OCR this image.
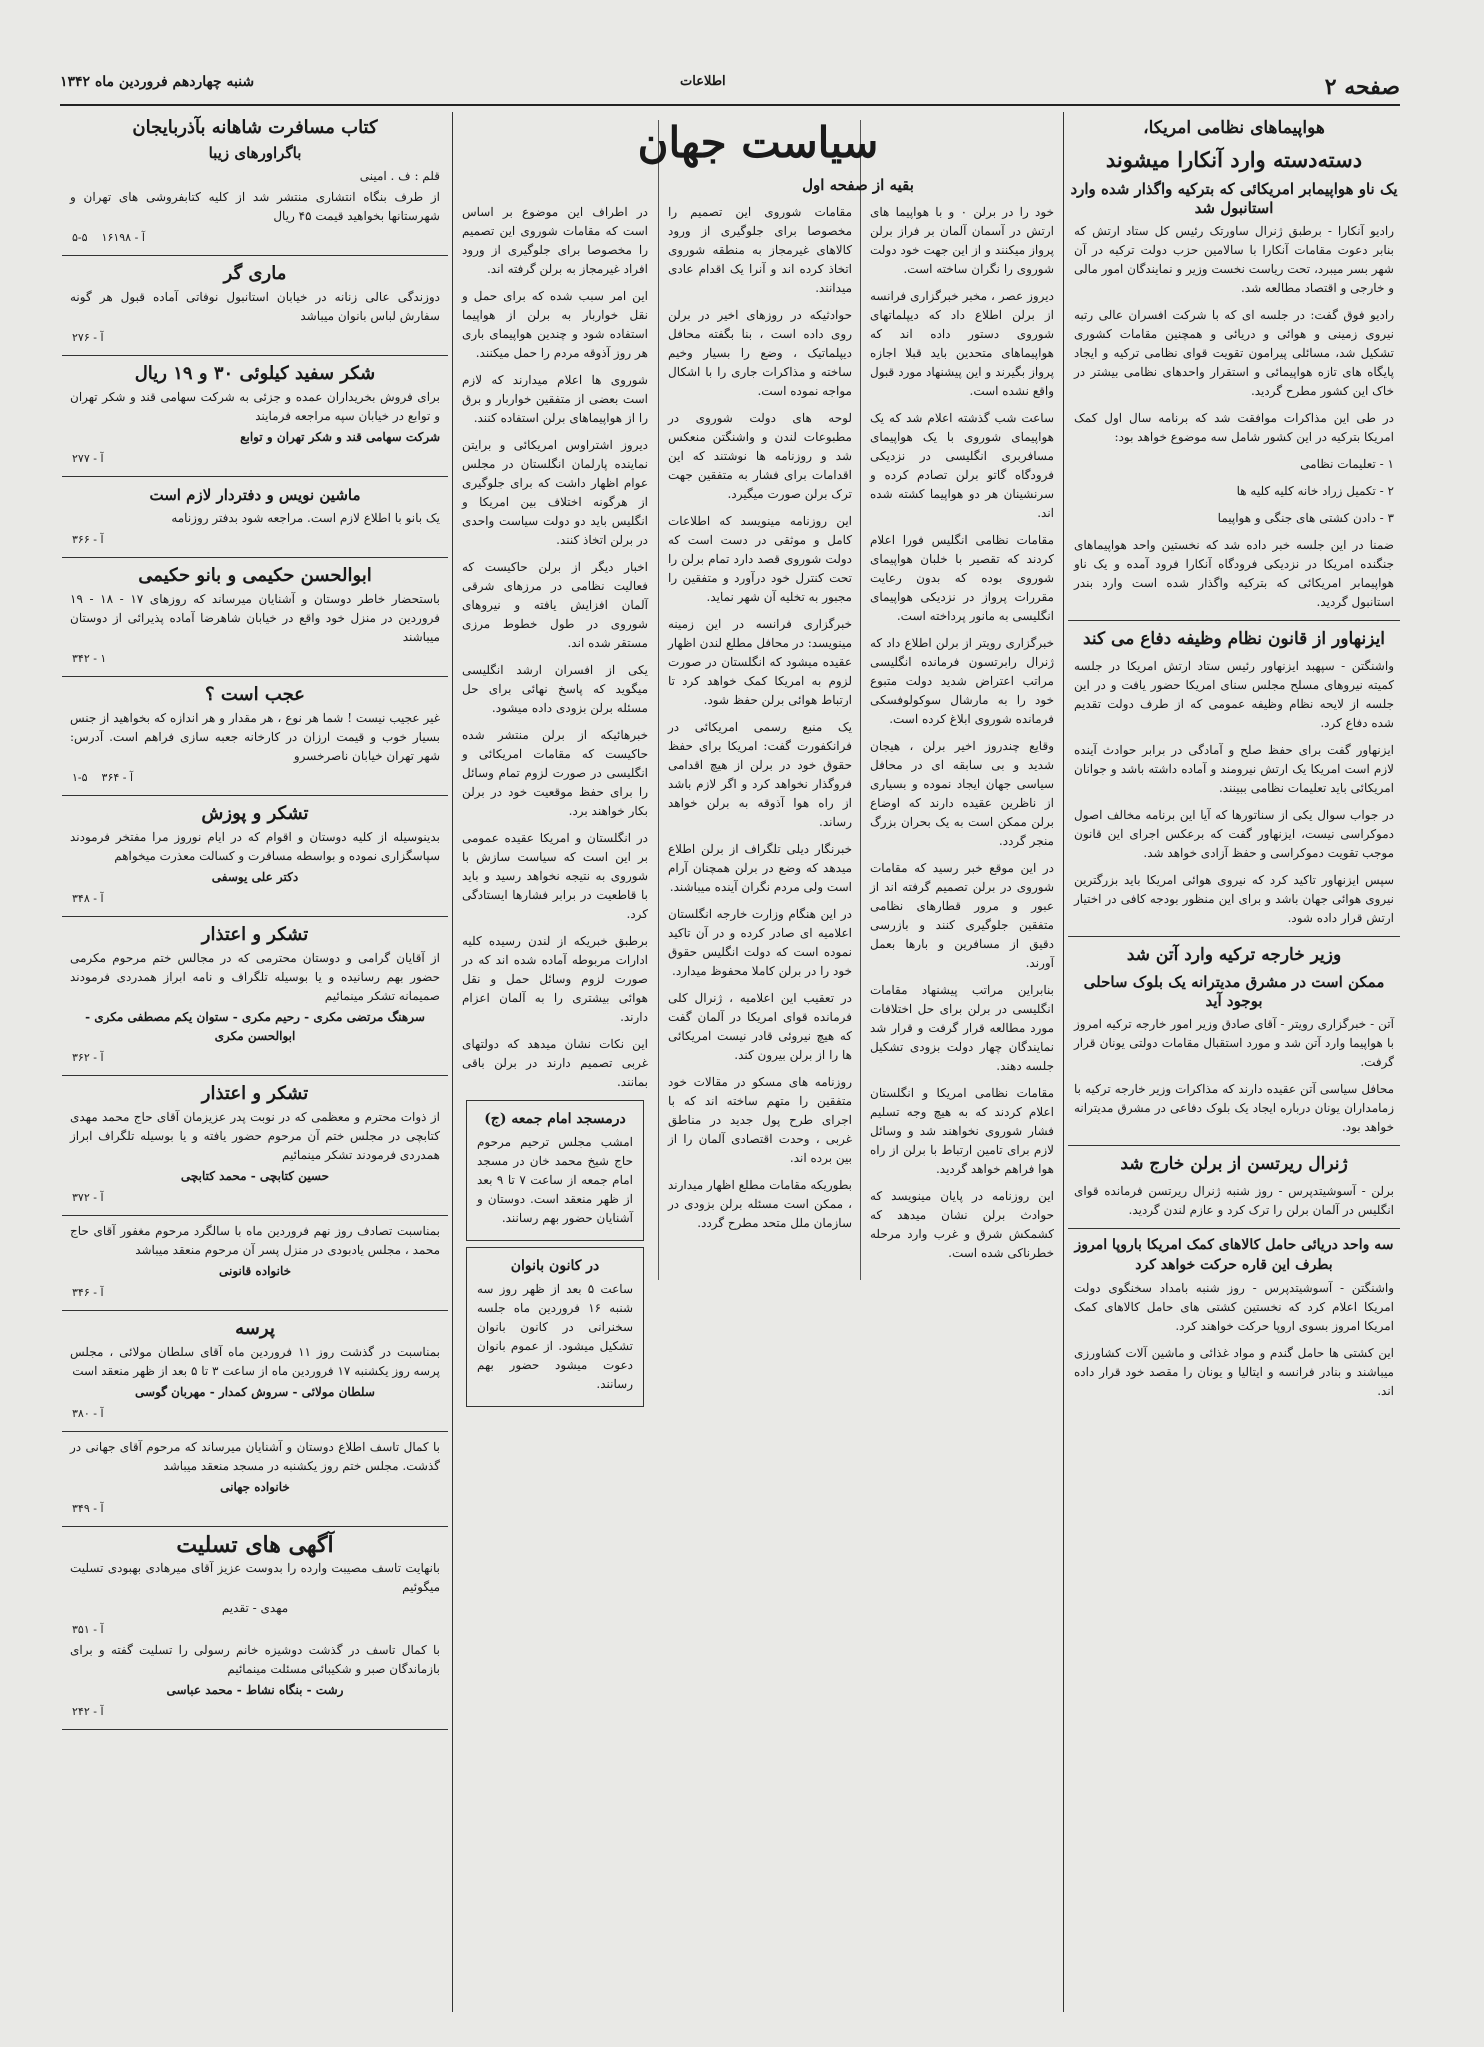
صفحه ۲
اطلاعات
شنبه چهاردهم فروردین ماه ۱۳۴۲
هواپیماهای نظامی امریکا،
دسته‌دسته وارد آنکارا میشوند
یک ناو هواپیمابر امریکائی که بترکیه واگذار شده وارد استانبول شد

رادیو آنکارا - برطبق ژنرال ساورتک رئیس کل ستاد ارتش که بنابر دعوت مقامات آنکارا با سالامین حزب دولت ترکیه در آن شهر بسر میبرد، تحت ریاست نخست وزیر و نمایندگان امور مالی و خارجی و اقتصاد مطالعه شد.

رادیو فوق گفت: در جلسه ای که با شرکت افسران عالی رتبه نیروی زمینی و هوائی و دریائی و همچنین مقامات کشوری تشکیل شد، مسائلی پیرامون تقویت قوای نظامی ترکیه و ایجاد پایگاه های تازه هواپیمائی و استقرار واحدهای نظامی بیشتر در خاک این کشور مطرح گردید.

در طی این مذاکرات موافقت شد که برنامه سال اول کمک امریکا بترکیه در این کشور شامل سه موضوع خواهد بود:

۱ - تعلیمات نظامی

۲ - تکمیل زراد خانه کلیه کلیه ها

۳ - دادن کشتی های جنگی و هواپیما

ضمنا در این جلسه خبر داده شد که نخستین واحد هواپیماهای جنگنده امریکا در نزدیکی فرودگاه آنکارا فرود آمده و یک ناو هواپیمابر امریکائی که بترکیه واگذار شده است وارد بندر استانبول گردید.

ایزنهاور از قانون نظام وظیفه دفاع می کند

واشنگتن - سپهبد ایزنهاور رئیس ستاد ارتش امریکا در جلسه کمیته نیروهای مسلح مجلس سنای امریکا حضور یافت و در این جلسه از لایحه نظام وظیفه عمومی که از طرف دولت تقدیم شده دفاع کرد.

ایزنهاور گفت برای حفظ صلح و آمادگی در برابر حوادث آینده لازم است امریکا یک ارتش نیرومند و آماده داشته باشد و جوانان امریکائی باید تعلیمات نظامی ببینند.

در جواب سوال یکی از سناتورها که آیا این برنامه مخالف اصول دموکراسی نیست، ایزنهاور گفت که برعکس اجرای این قانون موجب تقویت دموکراسی و حفظ آزادی خواهد شد.

سپس ایزنهاور تاکید کرد که نیروی هوائی امریکا باید بزرگترین نیروی هوائی جهان باشد و برای این منظور بودجه کافی در اختیار ارتش قرار داده شود.

وزیر خارجه ترکیه وارد آتن شد
ممکن است در مشرق مدیترانه یک بلوک ساحلی بوجود آید

آتن - خبرگزاری رویتر - آقای صادق وزیر امور خارجه ترکیه امروز با هواپیما وارد آتن شد و مورد استقبال مقامات دولتی یونان قرار گرفت.

محافل سیاسی آتن عقیده دارند که مذاکرات وزیر خارجه ترکیه با زمامداران یونان درباره ایجاد یک بلوک دفاعی در مشرق مدیترانه خواهد بود.

ژنرال ریرتسن از برلن خارج شد

برلن - آسوشیتدپرس - روز شنبه ژنرال ریرتسن فرمانده قوای انگلیس در آلمان برلن را ترک کرد و عازم لندن گردید.

سه واحد دریائی حامل کالاهای کمک امریکا باروپا امروز بطرف این قاره حرکت خواهد کرد

واشنگتن - آسوشیتدپرس - روز شنبه بامداد سخنگوی دولت امریکا اعلام کرد که نخستین کشتی های حامل کالاهای کمک امریکا امروز بسوی اروپا حرکت خواهند کرد.

این کشتی ها حامل گندم و مواد غذائی و ماشین آلات کشاورزی میباشند و بنادر فرانسه و ایتالیا و یونان را مقصد خود قرار داده اند.

سیاست جهان
بقیه از صفحه اول

خود را در برلن ۰ و با هواپیما های ارتش در آسمان آلمان بر فراز برلن پرواز میکنند و از این جهت خود دولت شوروی را نگران ساخته است.

دیروز عصر ، مخبر خبرگزاری فرانسه از برلن اطلاع داد که دیپلماتهای شوروی دستور داده اند که هواپیماهای متحدین باید قبلا اجازه پرواز بگیرند و این پیشنهاد مورد قبول واقع نشده است.

ساعت شب گذشته اعلام شد که یک هواپیمای شوروی با یک هواپیمای مسافربری انگلیسی در نزدیکی فرودگاه گاتو برلن تصادم کرده و سرنشینان هر دو هواپیما کشته شده اند.

مقامات نظامی انگلیس فورا اعلام کردند که تقصیر با خلبان هواپیمای شوروی بوده که بدون رعایت مقررات پرواز در نزدیکی هواپیمای انگلیسی به مانور پرداخته است.

خبرگزاری رویتر از برلن اطلاع داد که ژنرال رابرتسون فرمانده انگلیسی مراتب اعتراض شدید دولت متبوع خود را به مارشال سوکولوفسکی فرمانده شوروی ابلاغ کرده است.

وقایع چندروز اخیر برلن ، هیجان شدید و بی سابقه ای در محافل سیاسی جهان ایجاد نموده و بسیاری از ناظرین عقیده دارند که اوضاع برلن ممکن است به یک بحران بزرگ منجر گردد.

در این موقع خبر رسید که مقامات شوروی در برلن تصمیم گرفته اند از عبور و مرور قطارهای نظامی متفقین جلوگیری کنند و بازرسی دقیق از مسافرین و بارها بعمل آورند.

بنابراین مراتب پیشنهاد مقامات انگلیسی در برلن برای حل اختلافات مورد مطالعه قرار گرفت و قرار شد نمایندگان چهار دولت بزودی تشکیل جلسه دهند.

مقامات نظامی امریکا و انگلستان اعلام کردند که به هیچ وجه تسلیم فشار شوروی نخواهند شد و وسائل لازم برای تامین ارتباط با برلن از راه هوا فراهم خواهد گردید.

این روزنامه در پایان مینویسد که حوادث برلن نشان میدهد که کشمکش شرق و غرب وارد مرحله خطرناکی شده است.

مقامات شوروی این تصمیم را مخصوصا برای جلوگیری از ورود کالاهای غیرمجاز به منطقه شوروی اتخاذ کرده اند و آنرا یک اقدام عادی میدانند.

حوادثیکه در روزهای اخیر در برلن روی داده است ، بنا بگفته محافل دیپلماتیک ، وضع را بسیار وخیم ساخته و مذاکرات جاری را با اشکال مواجه نموده است.

لوحه های دولت شوروی در مطبوعات لندن و واشنگتن منعکس شد و روزنامه ها نوشتند که این اقدامات برای فشار به متفقین جهت ترک برلن صورت میگیرد.

این روزنامه مینویسد که اطلاعات کامل و موثقی در دست است که دولت شوروی قصد دارد تمام برلن را تحت کنترل خود درآورد و متفقین را مجبور به تخلیه آن شهر نماید.

خبرگزاری فرانسه در این زمینه مینویسد: در محافل مطلع لندن اظهار عقیده میشود که انگلستان در صورت لزوم به امریکا کمک خواهد کرد تا ارتباط هوائی برلن حفظ شود.

یک منبع رسمی امریکائی در فرانکفورت گفت: امریکا برای حفظ حقوق خود در برلن از هیچ اقدامی فروگذار نخواهد کرد و اگر لازم باشد از راه هوا آذوقه به برلن خواهد رساند.

خبرنگار دیلی تلگراف از برلن اطلاع میدهد که وضع در برلن همچنان آرام است ولی مردم نگران آینده میباشند.

در این هنگام وزارت خارجه انگلستان اعلامیه ای صادر کرده و در آن تاکید نموده است که دولت انگلیس حقوق خود را در برلن کاملا محفوظ میدارد.

در تعقیب این اعلامیه ، ژنرال کلی فرمانده قوای امریکا در آلمان گفت که هیچ نیروئی قادر نیست امریکائی ها را از برلن بیرون کند.

روزنامه های مسکو در مقالات خود متفقین را متهم ساخته اند که با اجرای طرح پول جدید در مناطق غربی ، وحدت اقتصادی آلمان را از بین برده اند.

بطوریکه مقامات مطلع اظهار میدارند ، ممکن است مسئله برلن بزودی در سازمان ملل متحد مطرح گردد.

در اطراف این موضوع بر اساس است که مقامات شوروی این تصمیم را مخصوصا برای جلوگیری از ورود افراد غیرمجاز به برلن گرفته اند.

این امر سبب شده که برای حمل و نقل خواربار به برلن از هواپیما استفاده شود و چندین هواپیمای باری هر روز آذوقه مردم را حمل میکنند.

شوروی ها اعلام میدارند که لازم است بعضی از متفقین خواربار و برق را از هواپیماهای برلن استفاده کنند.

دیروز اشتراوس امریکائی و برایتن نماینده پارلمان انگلستان در مجلس عوام اظهار داشت که برای جلوگیری از هرگونه اختلاف بین امریکا و انگلیس باید دو دولت سیاست واحدی در برلن اتخاذ کنند.

اخبار دیگر از برلن حاکیست که فعالیت نظامی در مرزهای شرقی آلمان افزایش یافته و نیروهای شوروی در طول خطوط مرزی مستقر شده اند.

یکی از افسران ارشد انگلیسی میگوید که پاسخ نهائی برای حل مسئله برلن بزودی داده میشود.

خبرهائیکه از برلن منتشر شده حاکیست که مقامات امریکائی و انگلیسی در صورت لزوم تمام وسائل را برای حفظ موقعیت خود در برلن بکار خواهند برد.

در انگلستان و امریکا عقیده عمومی بر این است که سیاست سازش با شوروی به نتیجه نخواهد رسید و باید با قاطعیت در برابر فشارها ایستادگی کرد.

برطبق خبریکه از لندن رسیده کلیه ادارات مربوطه آماده شده اند که در صورت لزوم وسائل حمل و نقل هوائی بیشتری را به آلمان اعزام دارند.

این نکات نشان میدهد که دولتهای غربی تصمیم دارند در برلن باقی بمانند.

درمسجد امام جمعه (ج)

امشب مجلس ترحیم مرحوم حاج شیخ محمد خان در مسجد امام جمعه از ساعت ۷ تا ۹ بعد از ظهر منعقد است. دوستان و آشنایان حضور بهم رسانند.

در کانون بانوان

ساعت ۵ بعد از ظهر روز سه شنبه ۱۶ فروردین ماه جلسه سخنرانی در کانون بانوان تشکیل میشود. از عموم بانوان دعوت میشود حضور بهم رسانند.

کتاب مسافرت شاهانه بآذربایجان
باگراورهای زیبا

قلم : ف . امینی

از طرف بنگاه انتشاری منتشر شد از کلیه کتابفروشی های تهران و شهرستانها بخواهید قیمت ۴۵ ریال

۵-۵ ۱۶۱۹۸ - آ
ماری گر

دوزندگی عالی زنانه در خیابان استانبول نوفاتی آماده قبول هر گونه سفارش لباس بانوان میباشد

۲۷۶ - آ
شکر سفید کیلوئی ۳۰ و ۱۹ ریال

برای فروش بخریداران عمده و جزئی به شرکت سهامی قند و شکر تهران و توابع در خیابان سپه مراجعه فرمایند

شرکت سهامی قند و شکر تهران و توابع

۲۷۷ - آ
ماشین نویس و دفتردار لازم است

یک بانو با اطلاع لازم است. مراجعه شود بدفتر روزنامه

۳۶۶ - آ
ابوالحسن حکیمی و بانو حکیمی

باستحضار خاطر دوستان و آشنایان میرساند که روزهای ۱۷ - ۱۸ - ۱۹ فروردین در منزل خود واقع در خیابان شاهرضا آماده پذیرائی از دوستان میباشند

۳۴۲ - ۱
عجب است ؟

غیر عجیب نیست ! شما هر نوع ، هر مقدار و هر اندازه که بخواهید از جنس بسیار خوب و قیمت ارزان در کارخانه جعبه سازی فراهم است. آدرس: شهر تهران خیابان ناصرخسرو

۱-۵ ۳۶۴ - آ
تشکر و پوزش

بدینوسیله از کلیه دوستان و اقوام که در ایام نوروز مرا مفتخر فرمودند سپاسگزاری نموده و بواسطه مسافرت و کسالت معذرت میخواهم

دکتر علی یوسفی

۳۴۸ - آ
تشکر و اعتذار

از آقایان گرامی و دوستان محترمی که در مجالس ختم مرحوم مکرمی حضور بهم رسانیده و یا بوسیله تلگراف و نامه ابراز همدردی فرمودند صمیمانه تشکر مینمائیم

سرهنگ مرتضی مکری - رحیم مکری - ستوان یکم مصطفی مکری - ابوالحسن مکری

۳۶۲ - آ
تشکر و اعتذار

از ذوات محترم و معظمی که در نوبت پدر عزیزمان آقای حاج محمد مهدی کتابچی در مجلس ختم آن مرحوم حضور یافته و یا بوسیله تلگراف ابراز همدردی فرمودند تشکر مینمائیم

حسین کتابچی - محمد کتابچی

۳۷۲ - آ

بمناسبت تصادف روز نهم فروردین ماه با سالگرد مرحوم مغفور آقای حاج محمد ، مجلس یادبودی در منزل پسر آن مرحوم منعقد میباشد

خانواده قانونی

۳۴۶ - آ
پرسه

بمناسبت در گذشت روز ۱۱ فروردین ماه آقای سلطان مولائی ، مجلس پرسه روز یکشنبه ۱۷ فروردین ماه از ساعت ۳ تا ۵ بعد از ظهر منعقد است

سلطان مولائی - سروش کمدار - مهربان گوسی

۳۸۰ - آ

با کمال تاسف اطلاع دوستان و آشنایان میرساند که مرحوم آقای جهانی در گذشت. مجلس ختم روز یکشنبه در مسجد منعقد میباشد

خانواده جهانی

۳۴۹ - آ
آگهی های تسلیت

بانهایت تاسف مصیبت وارده را بدوست عزیز آقای میرهادی بهبودی تسلیت میگوئیم

مهدی - تقدیم

۳۵۱ - آ

با کمال تاسف در گذشت دوشیزه خانم رسولی را تسلیت گفته و برای بازماندگان صبر و شکیبائی مسئلت مینمائیم

رشت - بنگاه نشاط - محمد عباسی

۲۴۲ - آ
